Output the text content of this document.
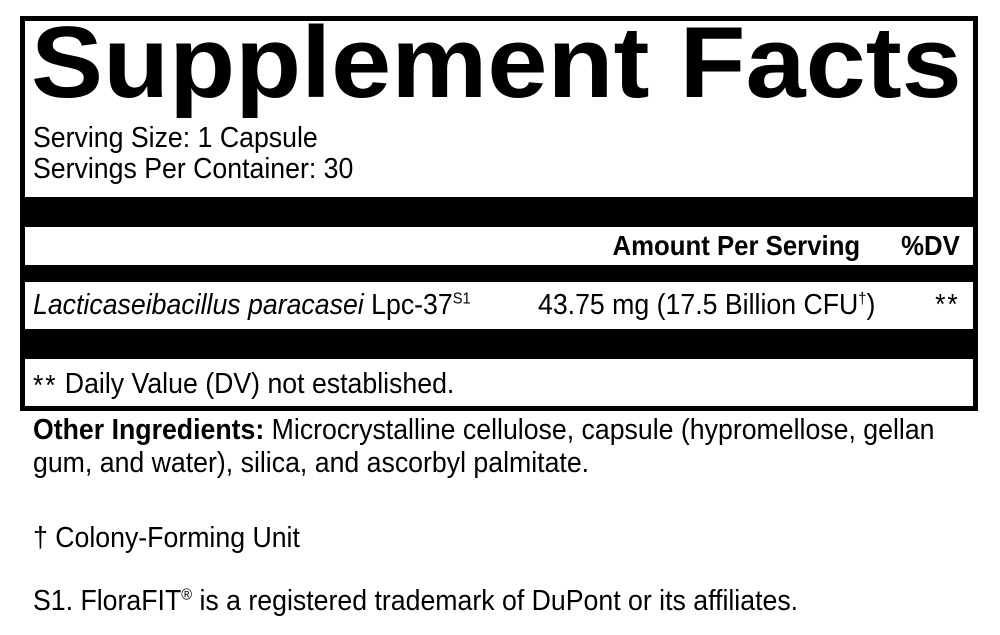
Supplement Facts
Serving Size: 1 Capsule
Servings Per Container: 30
Amount Per Serving %DV
Lacticaseibacillus paracasei Lpc-$37^{S1}$ 43.75 mg (17.5 Billion CFU†) **
** Daily Value (DV) not established.

Other Ingredients: Microcrystalline cellulose, capsule (hypromellose, gellan
gum, and water), silica, and ascorbyl palmitate.

† Colony-Forming Unit

S1. FloraFIT® is a registered trademark of DuPont or its affiliates.
